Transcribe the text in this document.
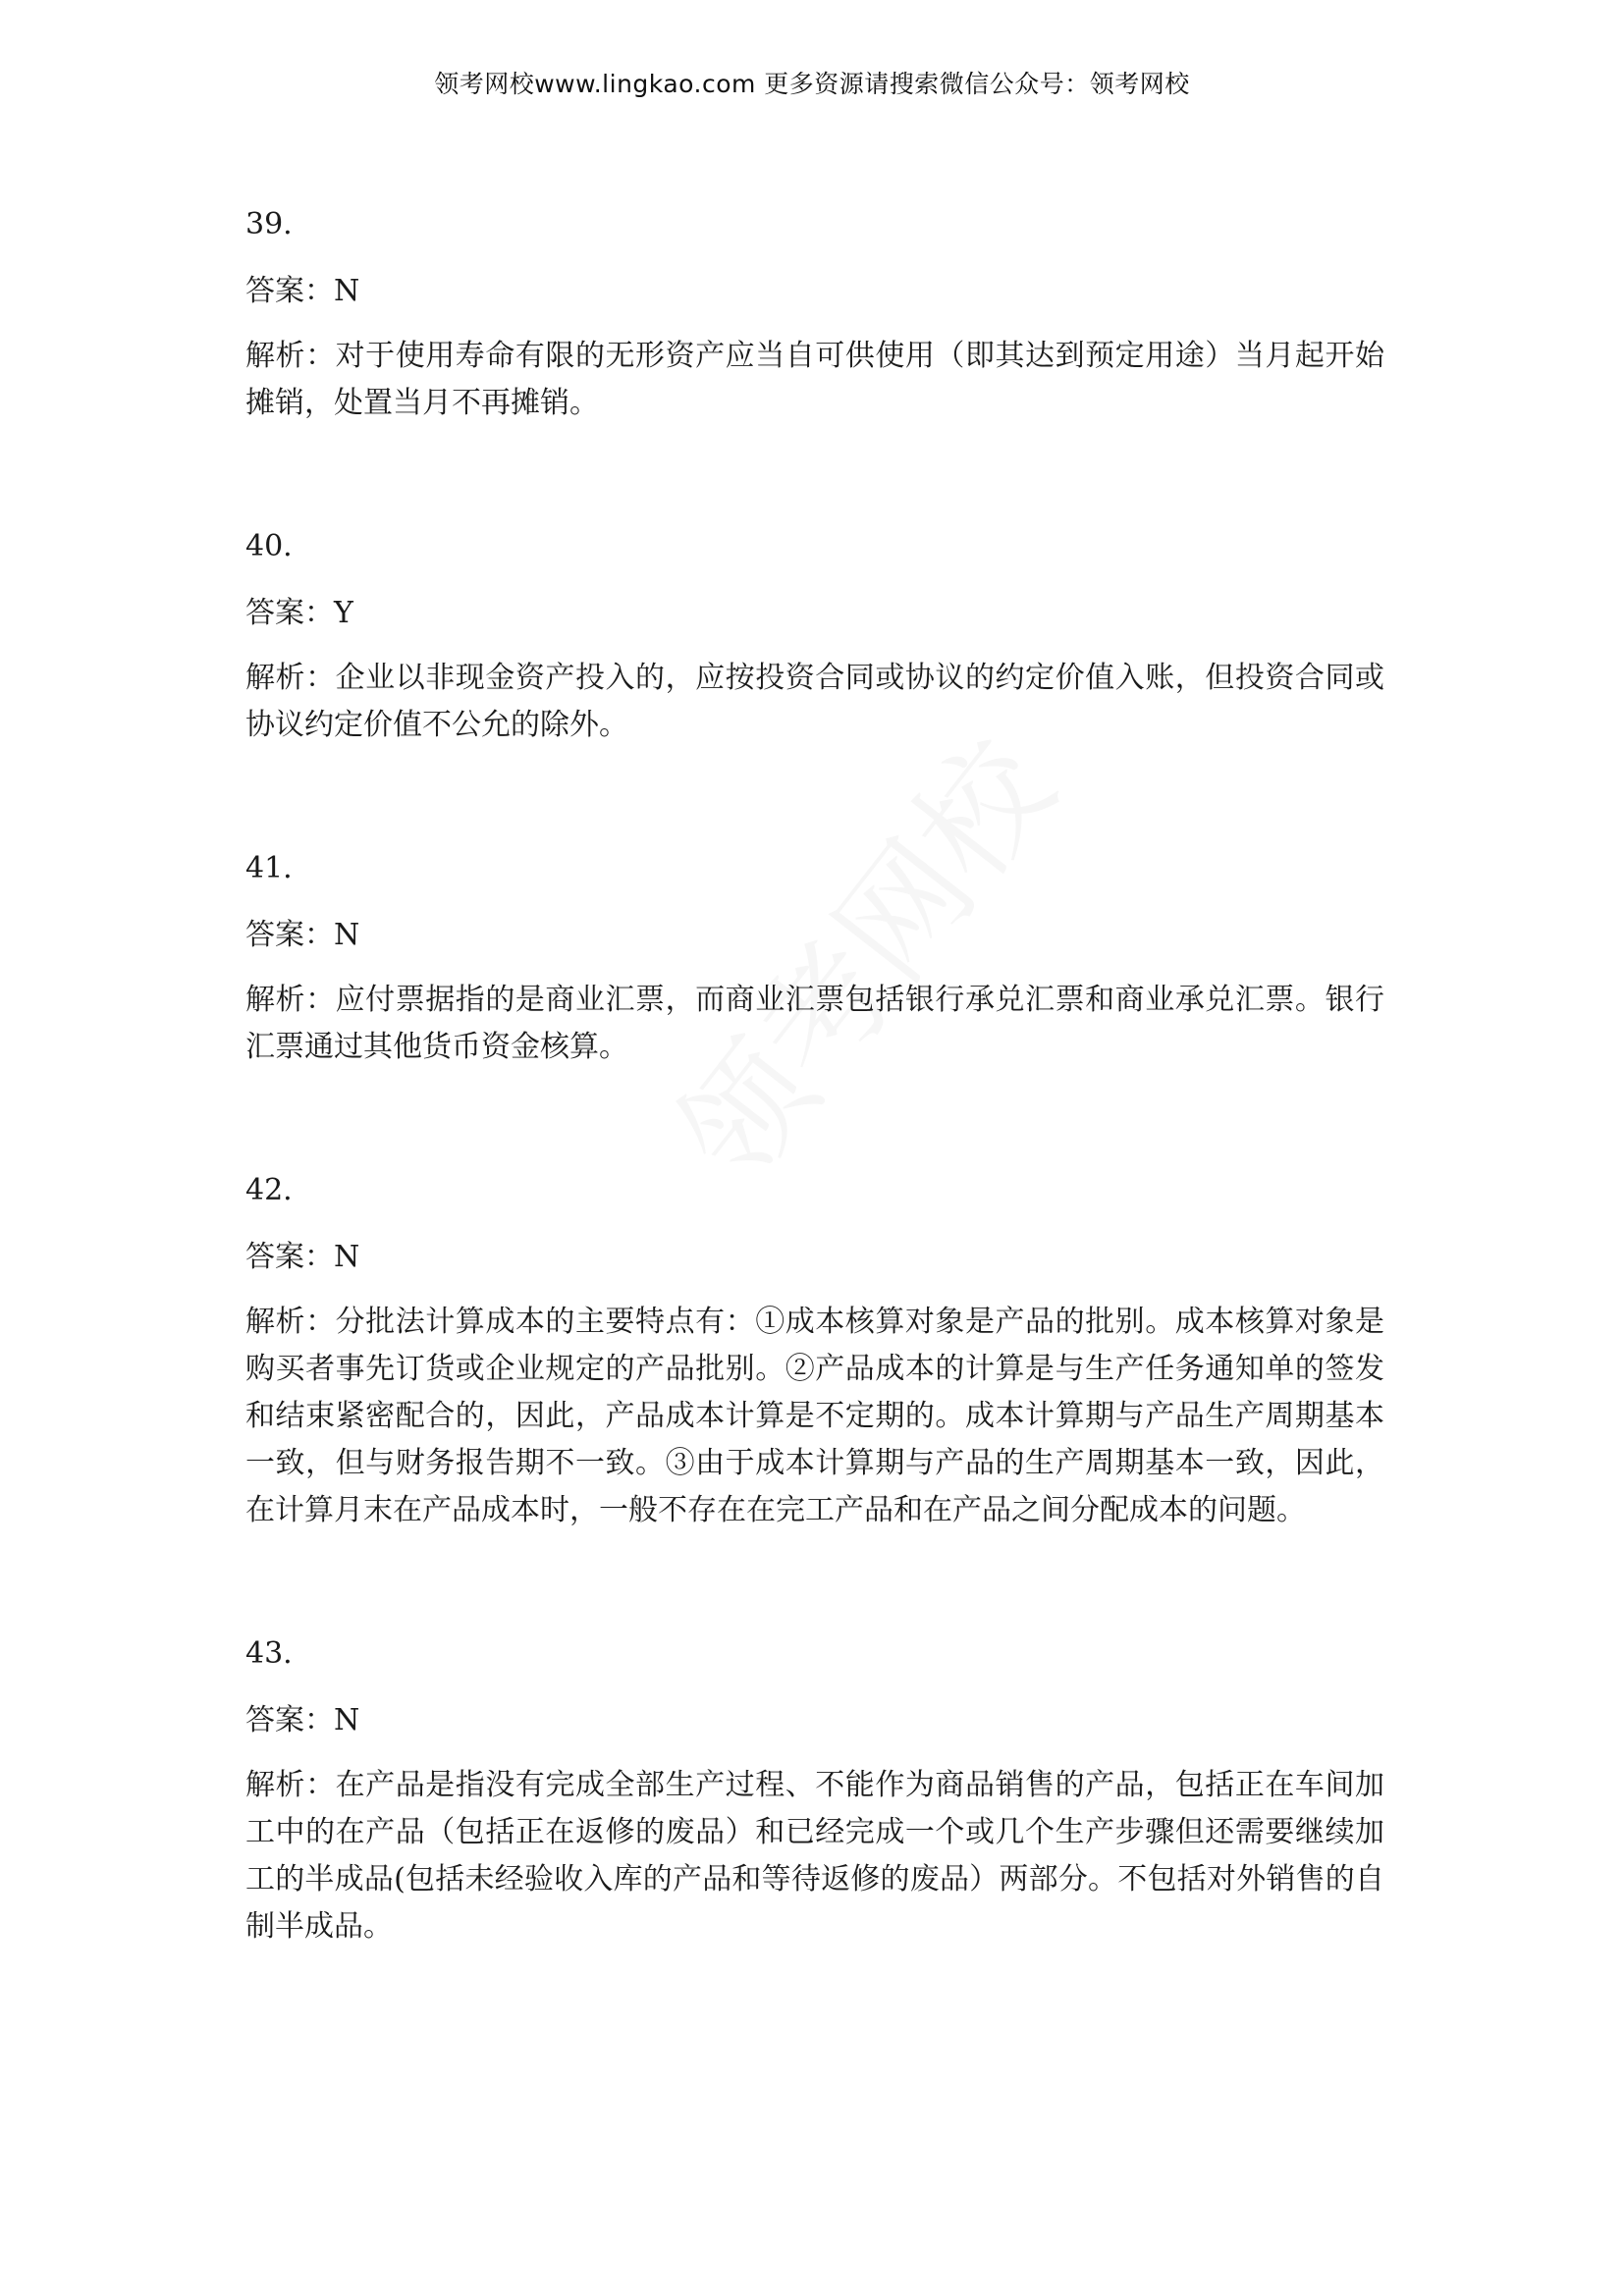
领考网校www.lingkao.com 更多资源请搜索微信公众号：领考网校
39.
答案：N
解析：对于使用寿命有限的无形资产应当自可供使用（即其达到预定用途）当月起开始摊销，处置当月不再摊销。
40.
答案：Y
解析：企业以非现金资产投入的，应按投资合同或协议的约定价值入账，但投资合同或协议约定价值不公允的除外。
41.
答案：N
解析：应付票据指的是商业汇票，而商业汇票包括银行承兑汇票和商业承兑汇票。银行汇票通过其他货币资金核算。
42.
答案：N
解析：分批法计算成本的主要特点有：①成本核算对象是产品的批别。成本核算对象是购买者事先订货或企业规定的产品批别。②产品成本的计算是与生产任务通知单的签发和结束紧密配合的，因此，产品成本计算是不定期的。成本计算期与产品生产周期基本一致，但与财务报告期不一致。③由于成本计算期与产品的生产周期基本一致，因此，在计算月末在产品成本时，一般不存在在完工产品和在产品之间分配成本的问题。
43.
答案：N
解析：在产品是指没有完成全部生产过程、不能作为商品销售的产品，包括正在车间加工中的在产品（包括正在返修的废品）和已经完成一个或几个生产步骤但还需要继续加工的半成品(包括未经验收入库的产品和等待返修的废品）两部分。不包括对外销售的自制半成品。
